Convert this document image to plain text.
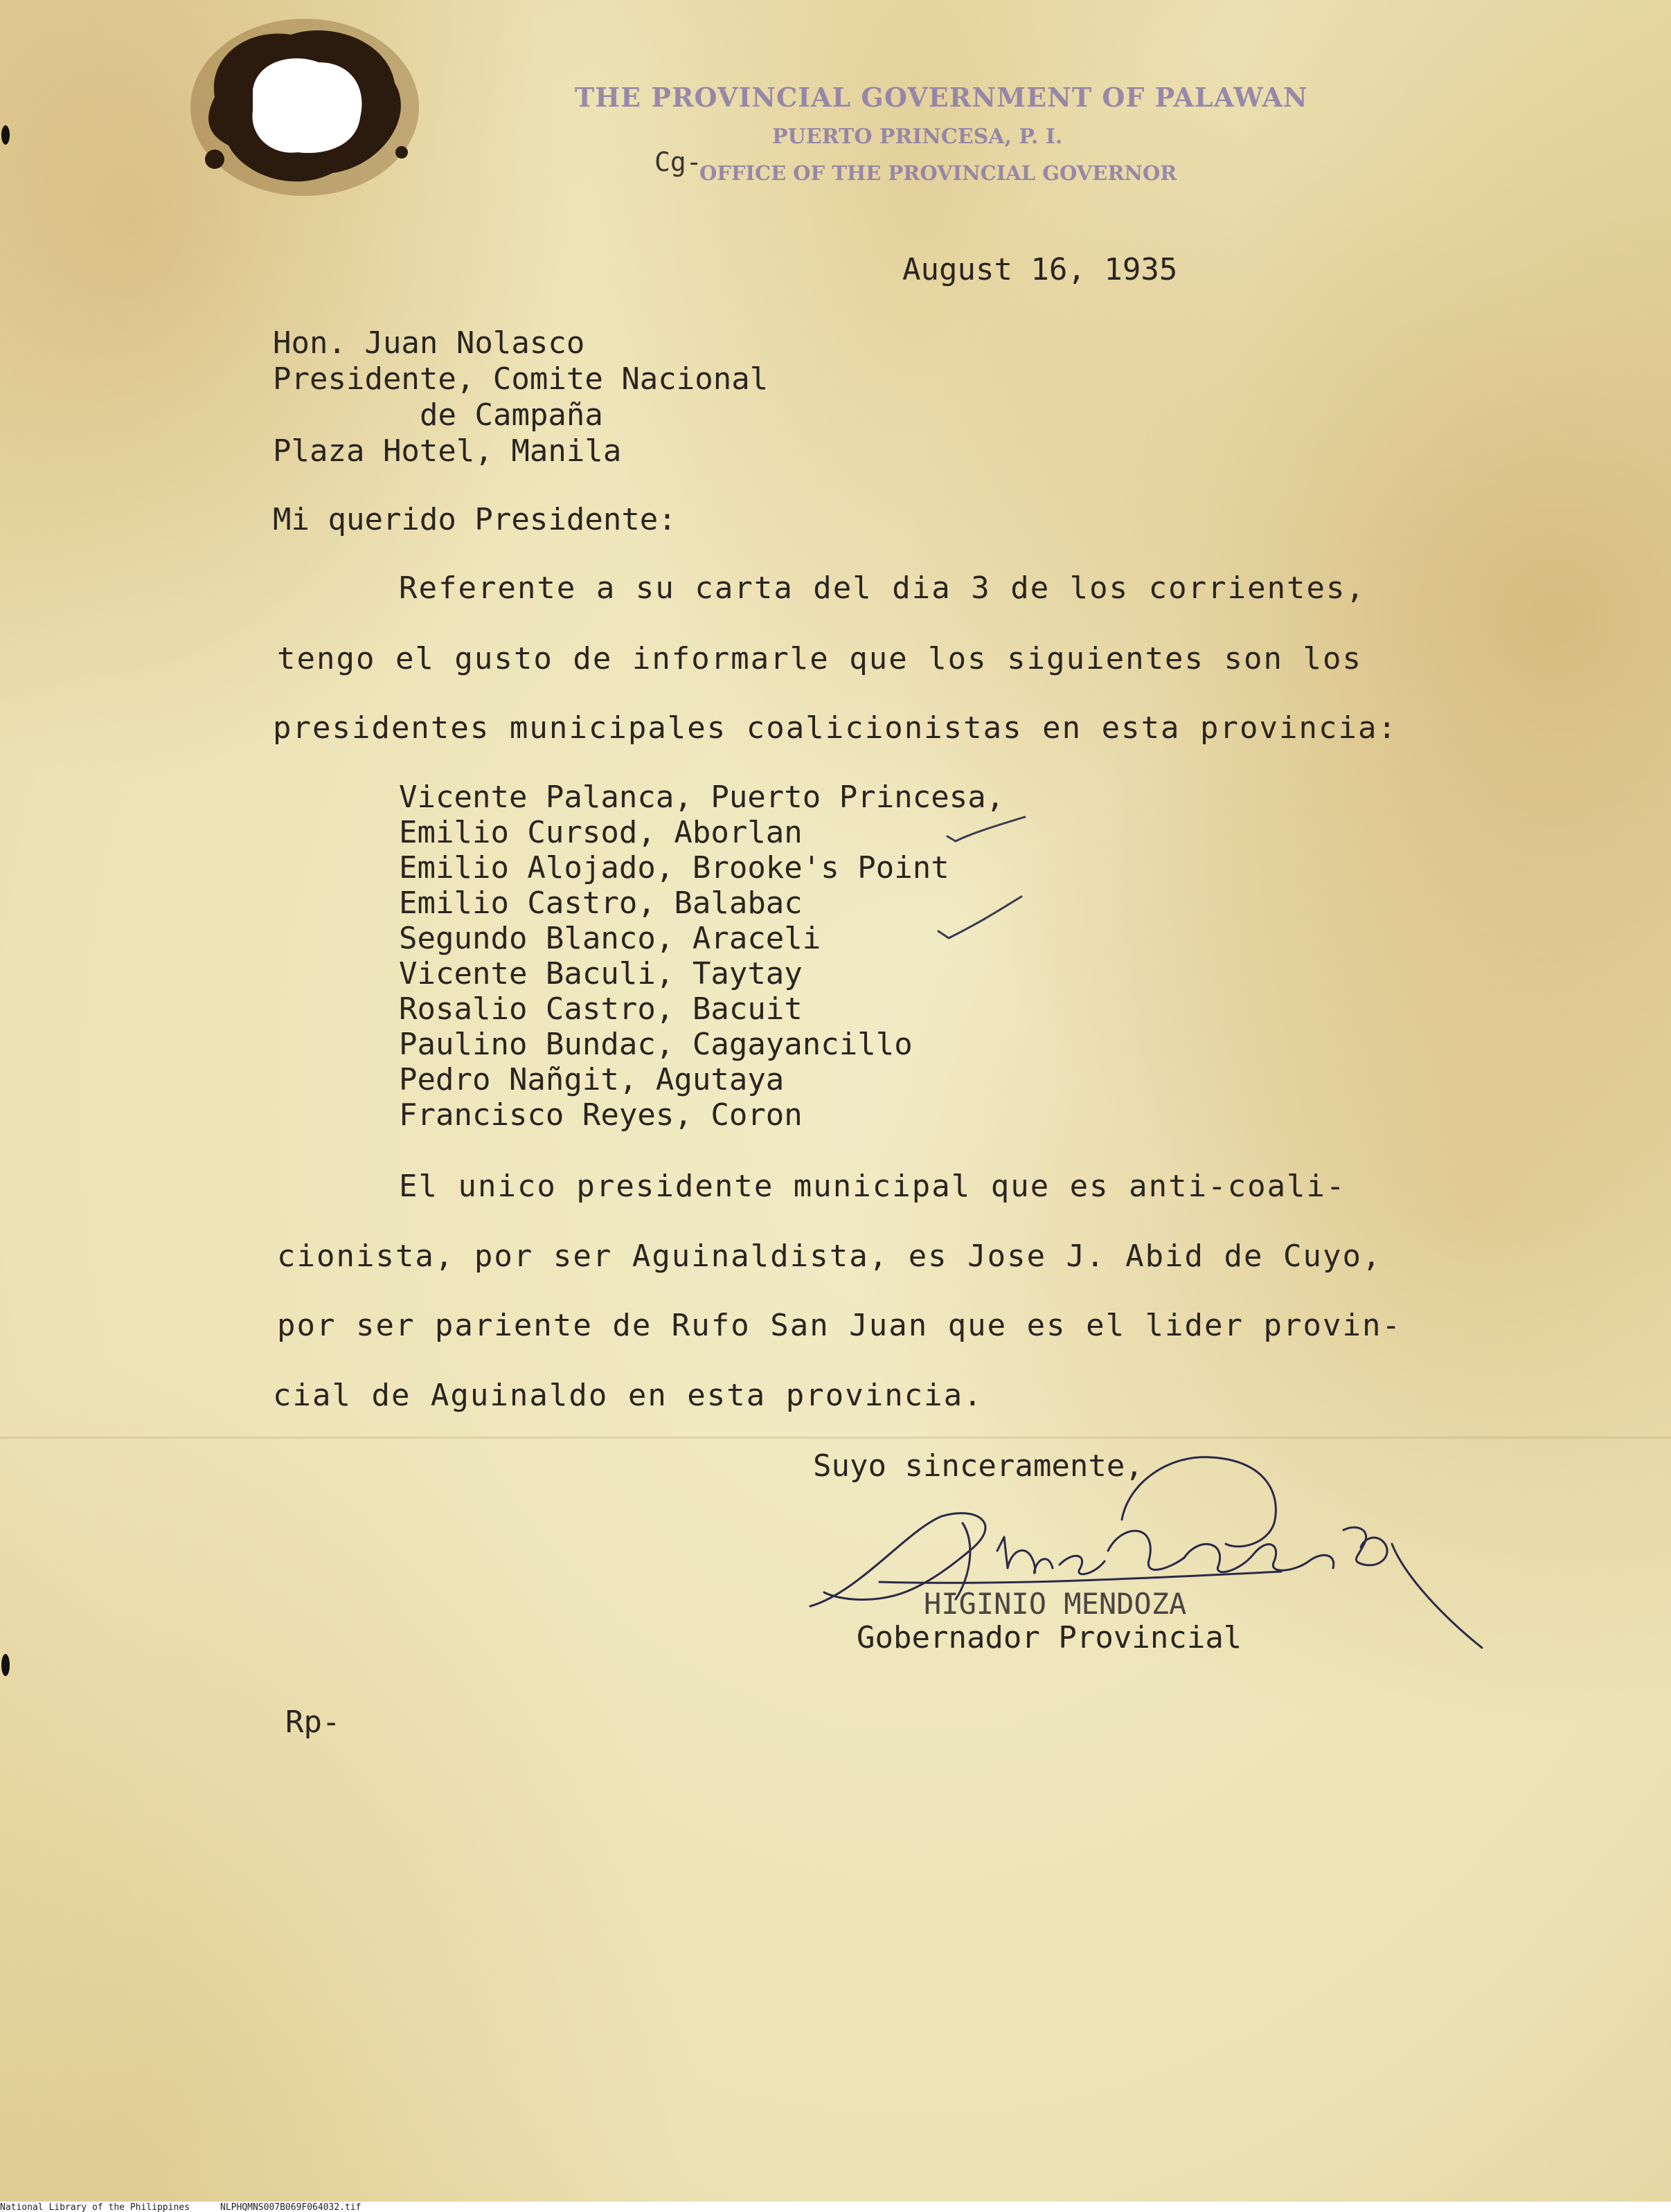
THE PROVINCIAL GOVERNMENT OF PALAWAN
PUERTO PRINCESA, P. I.
OFFICE OF THE PROVINCIAL GOVERNOR
Cg-
August 16, 1935
Hon. Juan Nolasco
Presidente, Comite Nacional
de Campaña
Plaza Hotel, Manila
Mi querido Presidente:
Referente a su carta del dia 3 de los corrientes,
tengo el gusto de informarle que los siguientes son los
presidentes municipales coalicionistas en esta provincia:
Vicente Palanca, Puerto Princesa,
Emilio Cursod, Aborlan
Emilio Alojado, Brooke's Point
Emilio Castro, Balabac
Segundo Blanco, Araceli
Vicente Baculi, Taytay
Rosalio Castro, Bacuit
Paulino Bundac, Cagayancillo
Pedro Nañgit, Agutaya
Francisco Reyes, Coron
El unico presidente municipal que es anti-coali-
cionista, por ser Aguinaldista, es Jose J. Abid de Cuyo,
por ser pariente de Rufo San Juan que es el lider provin-
cial de Aguinaldo en esta provincia.
Suyo sinceramente,
HIGINIO MENDOZA
Gobernador Provincial
Rp-
National Library of the Philippines	NLPHQMNS007B069F064032.tif
